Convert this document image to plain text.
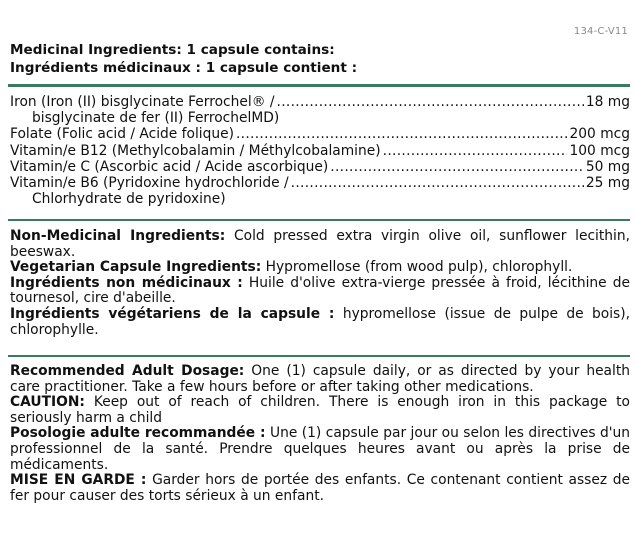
134-C-V11
Medicinal Ingredients: 1 capsule contains:
Ingrédients médicinaux : 1 capsule contient :
Iron (Iron (II) bisglycinate Ferrochel® / .....	18 mg
bisglycinate de fer (II) FerrochelMD)
Folate (Folic acid / Acide folique) .....	200 mcg
Vitamin/e B12 (Methylcobalamin / Méthylcobalamine) .....	100 mcg
Vitamin/e C (Ascorbic acid / Acide ascorbique) .....	50 mg
Vitamin/e B6 (Pyridoxine hydrochloride / .....	25 mg
Chlorhydrate de pyridoxine)

Non-Medicinal Ingredients: Cold pressed extra virgin olive oil, sunflower lecithin, beeswax.

Vegetarian Capsule Ingredients: Hypromellose (from wood pulp), chlorophyll.

Ingrédients non médicinaux : Huile d'olive extra-vierge pressée à froid, lécithine de tournesol, cire d'abeille.

Ingrédients végétariens de la capsule : hypromellose (issue de pulpe de bois), chlorophylle.

Recommended Adult Dosage: One (1) capsule daily, or as directed by your health care practitioner. Take a few hours before or after taking other medications.

CAUTION: Keep out of reach of children. There is enough iron in this package to seriously harm a child

Posologie adulte recommandée : Une (1) capsule par jour ou selon les directives d'un professionnel de la santé. Prendre quelques heures avant ou après la prise de médicaments.

MISE EN GARDE : Garder hors de portée des enfants. Ce contenant contient assez de fer pour causer des torts sérieux à un enfant.
